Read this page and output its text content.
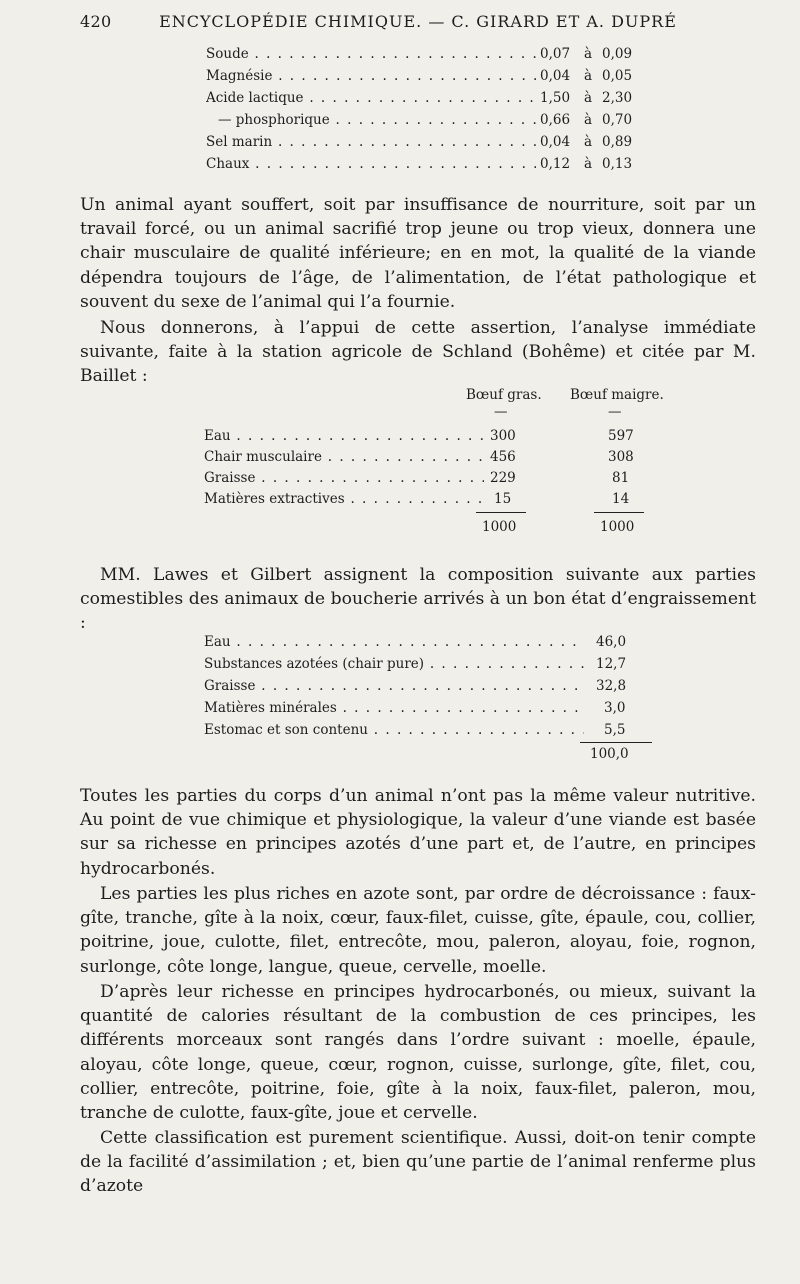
420	ENCYCLOPÉDIE CHIMIQUE. — C. GIRARD ET A. DUPRÉ
Soude . . .	0,07	à 0,09
Magnésie . . .	0,04	à 0,05
Acide lactique . . .	1,50	à 2,30
— phosphorique . . .	0,66	à 0,70
Sel marin . . .	0,04	à 0,89
Chaux . . .	0,12	à 0,13

Un animal ayant souffert, soit par insuffisance de nourriture, soit par un travail forcé, ou un animal sacrifié trop jeune ou trop vieux, donnera une chair musculaire de qualité inférieure; en en mot, la qualité de la viande dépendra toujours de l’âge, de l’alimentation, de l’état pathologique et souvent du sexe de l’animal qui l’a fournie.

Nous donnerons, à l’appui de cette assertion, l’analyse immédiate suivante, faite à la station agricole de Schland (Bohême) et citée par M. Baillet :

Bœuf gras. Bœuf maigre.
—	—
Eau . . .	300	597
Chair musculaire . . .	456	308
Graisse . . .	229	81
Matières extractives . . .	15	14
1000	1000

MM. Lawes et Gilbert assignent la composition suivante aux parties comestibles des animaux de boucherie arrivés à un bon état d’engraissement :

Eau . . .	46,0
Substances azotées (chair pure) . . .	12,7
Graisse . . .	32,8
Matières minérales . . .	3,0
Estomac et son contenu . . .	5,5
100,0

Toutes les parties du corps d’un animal n’ont pas la même valeur nutritive. Au point de vue chimique et physiologique, la valeur d’une viande est basée sur sa richesse en principes azotés d’une part et, de l’autre, en principes hydrocarbonés.

Les parties les plus riches en azote sont, par ordre de décroissance : faux-gîte, tranche, gîte à la noix, cœur, faux-filet, cuisse, gîte, épaule, cou, collier, poitrine, joue, culotte, filet, entrecôte, mou, paleron, aloyau, foie, rognon, surlonge, côte longe, langue, queue, cervelle, moelle.

D’après leur richesse en principes hydrocarbonés, ou mieux, suivant la quantité de calories résultant de la combustion de ces principes, les différents morceaux sont rangés dans l’ordre suivant : moelle, épaule, aloyau, côte longe, queue, cœur, rognon, cuisse, surlonge, gîte, filet, cou, collier, entrecôte, poitrine, foie, gîte à la noix, faux-filet, paleron, mou, tranche de culotte, faux-gîte, joue et cervelle.

Cette classification est purement scientifique. Aussi, doit-on tenir compte de la facilité d’assimilation ; et, bien qu’une partie de l’animal renferme plus d’azote
